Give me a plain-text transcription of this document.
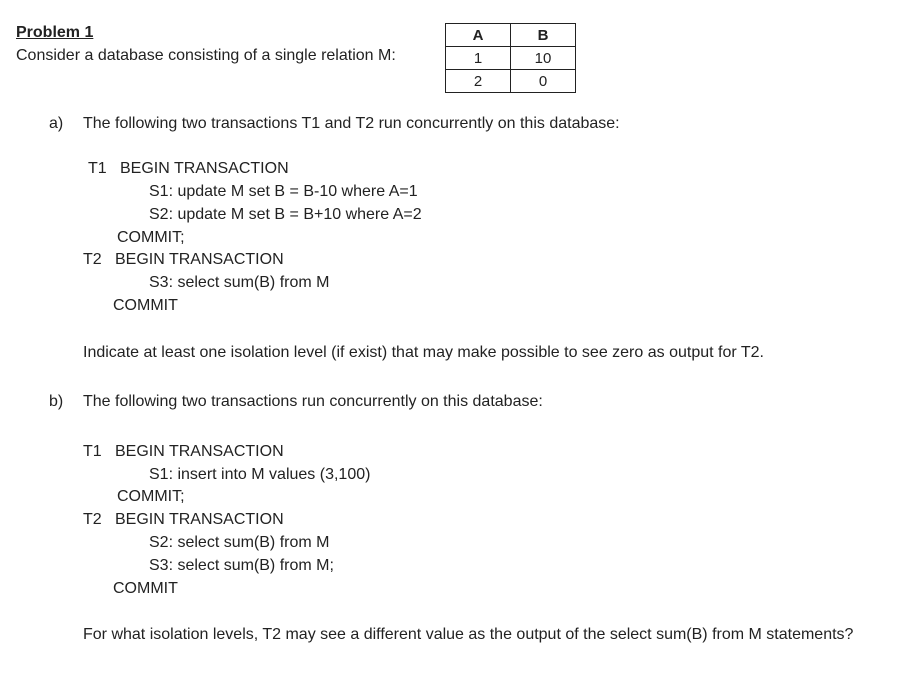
Problem 1
Consider a database consisting of a single relation M:
A	B
1	10
2	0
a) The following two transactions T1 and T2 run concurrently on this database:
T1   BEGIN TRANSACTION
S1: update M set B = B-10 where A=1
S2: update M set B = B+10 where A=2
COMMIT;
T2   BEGIN TRANSACTION
S3: select sum(B) from M
COMMIT
Indicate at least one isolation level (if exist) that may make possible to see zero as output for T2.
b) The following two transactions run concurrently on this database:
T1   BEGIN TRANSACTION
S1: insert into M values (3,100)
COMMIT;
T2   BEGIN TRANSACTION
S2: select sum(B) from M
S3: select sum(B) from M;
COMMIT
For what isolation levels, T2 may see a different value as the output of the select sum(B) from M statements?
